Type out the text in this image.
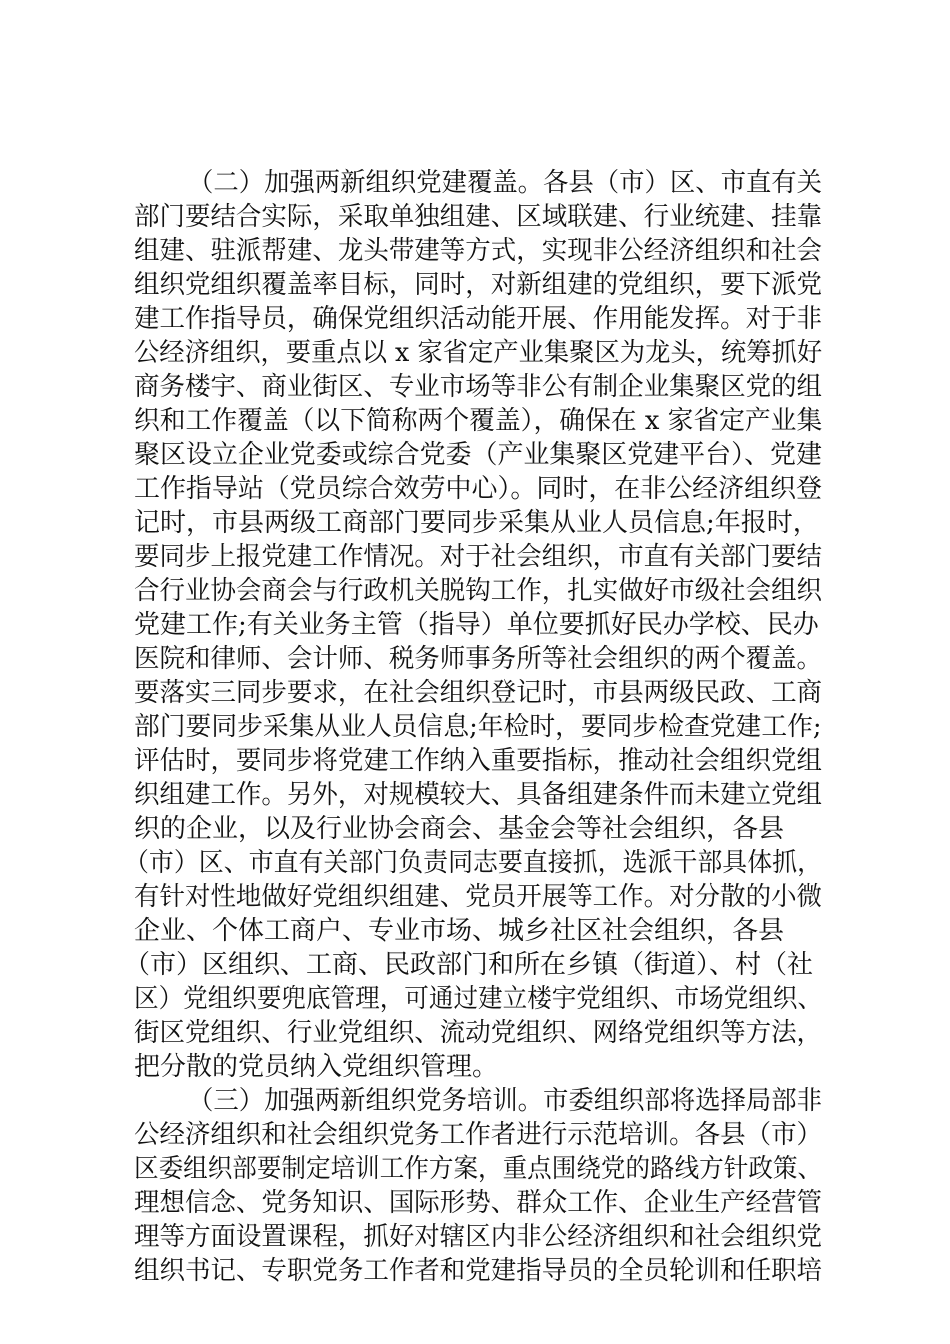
（二）加强两新组织党建覆盖。各县（市）区、市直有关
部门要结合实际，采取单独组建、区域联建、行业统建、挂靠
组建、驻派帮建、龙头带建等方式，实现非公经济组织和社会
组织党组织覆盖率目标，同时，对新组建的党组织，要下派党
建工作指导员，确保党组织活动能开展、作用能发挥。对于非
公经济组织，要重点以 x 家省定产业集聚区为龙头，统筹抓好
商务楼宇、商业街区、专业市场等非公有制企业集聚区党的组
织和工作覆盖（以下简称两个覆盖），确保在 x 家省定产业集
聚区设立企业党委或综合党委（产业集聚区党建平台）、党建
工作指导站（党员综合效劳中心）。同时，在非公经济组织登
记时，市县两级工商部门要同步采集从业人员信息;年报时，
要同步上报党建工作情况。对于社会组织，市直有关部门要结
合行业协会商会与行政机关脱钩工作，扎实做好市级社会组织
党建工作;有关业务主管（指导）单位要抓好民办学校、民办
医院和律师、会计师、税务师事务所等社会组织的两个覆盖。
要落实三同步要求，在社会组织登记时，市县两级民政、工商
部门要同步采集从业人员信息;年检时，要同步检查党建工作;
评估时，要同步将党建工作纳入重要指标，推动社会组织党组
织组建工作。另外，对规模较大、具备组建条件而未建立党组
织的企业，以及行业协会商会、基金会等社会组织，各县
（市）区、市直有关部门负责同志要直接抓，选派干部具体抓，
有针对性地做好党组织组建、党员开展等工作。对分散的小微
企业、个体工商户、专业市场、城乡社区社会组织，各县
（市）区组织、工商、民政部门和所在乡镇（街道）、村（社
区）党组织要兜底管理，可通过建立楼宇党组织、市场党组织、
街区党组织、行业党组织、流动党组织、网络党组织等方法，
把分散的党员纳入党组织管理。
（三）加强两新组织党务培训。市委组织部将选择局部非
公经济组织和社会组织党务工作者进行示范培训。各县（市）
区委组织部要制定培训工作方案，重点围绕党的路线方针政策、
理想信念、党务知识、国际形势、群众工作、企业生产经营管
理等方面设置课程，抓好对辖区内非公经济组织和社会组织党
组织书记、专职党务工作者和党建指导员的全员轮训和任职培
